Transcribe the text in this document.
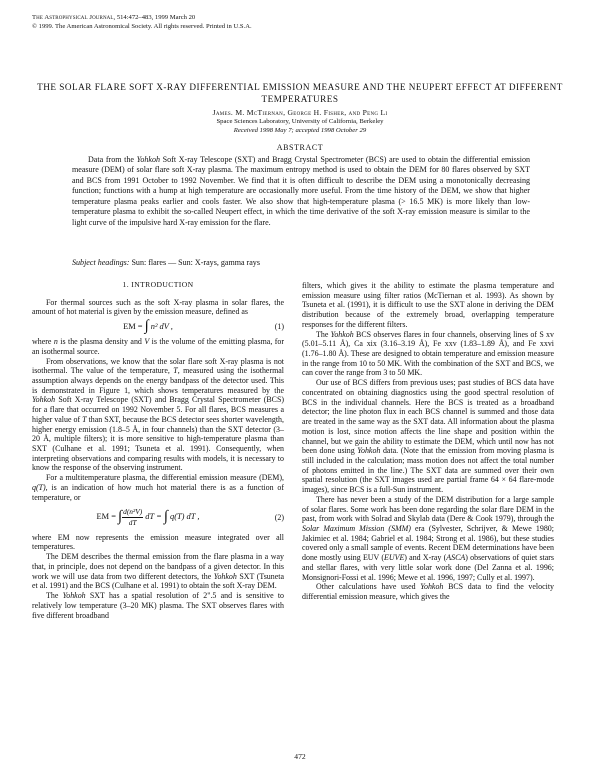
The Astrophysical Journal, 514:472–483, 1999 March 20
© 1999. The American Astronomical Society. All rights reserved. Printed in U.S.A.
THE SOLAR FLARE SOFT X-RAY DIFFERENTIAL EMISSION MEASURE AND THE NEUPERT EFFECT AT DIFFERENT TEMPERATURES
James. M. McTiernan, George H. Fisher, and Peng Li
Space Sciences Laboratory, University of California, Berkeley
Received 1998 May 7; accepted 1998 October 29
ABSTRACT
Data from the Yohkoh Soft X-ray Telescope (SXT) and Bragg Crystal Spectrometer (BCS) are used to obtain the differential emission measure (DEM) of solar flare soft X-ray plasma. The maximum entropy method is used to obtain the DEM for 80 flares observed by SXT and BCS from 1991 October to 1992 November. We find that it is often difficult to describe the DEM using a monotonically decreasing function; functions with a hump at high temperature are occasionally more useful. From the time history of the DEM, we show that higher temperature plasma peaks earlier and cools faster. We also show that high-temperature plasma (> 16.5 MK) is more likely than low-temperature plasma to exhibit the so-called Neupert effect, in which the time derivative of the soft X-ray emission measure is similar to the light curve of the impulsive hard X-ray emission for the flare.
Subject headings: Sun: flares — Sun: X-rays, gamma rays
1. INTRODUCTION

For thermal sources such as the soft X-ray plasma in solar flares, the amount of hot material is given by the emission measure, defined as

EM = ∫ n² dV ,	(1)

where n is the plasma density and V is the volume of the emitting plasma, for an isothermal source.

From observations, we know that the solar flare soft X-ray plasma is not isothermal. The value of the temperature, T, measured using the isothermal assumption always depends on the energy bandpass of the detector used. This is demonstrated in Figure 1, which shows temperatures measured by the Yohkoh Soft X-ray Telescope (SXT) and Bragg Crystal Spectrometer (BCS) for a flare that occurred on 1992 November 5. For all flares, BCS measures a higher value of T than SXT, because the BCS detector sees shorter wavelength, higher energy emission (1.8–5 Å, in four channels) than the SXT detector (3–20 Å, multiple filters); it is more sensitive to high-temperature plasma than SXT (Culhane et al. 1991; Tsuneta et al. 1991). Consequently, when interpreting observations and comparing results with models, it is necessary to know the response of the observing instrument.

For a multitemperature plasma, the differential emission measure (DEM), q(T), is an indication of how much hot material there is as a function of temperature, or

EM = ∫ $\frac{\text{d(n²V)}}{dT}$ dT = ∫ q(T) dT ,	(2)

where EM now represents the emission measure integrated over all temperatures.

The DEM describes the thermal emission from the flare plasma in a way that, in principle, does not depend on the bandpass of a given detector. In this work we will use data from two different detectors, the Yohkoh SXT (Tsuneta et al. 1991) and the BCS (Culhane et al. 1991) to obtain the soft X-ray DEM.

The Yohkoh SXT has a spatial resolution of 2".5 and is sensitive to relatively low temperature (3–20 MK) plasma. The SXT observes flares with five different broadband

filters, which gives it the ability to estimate the plasma temperature and emission measure using filter ratios (McTiernan et al. 1993). As shown by Tsuneta et al. (1991), it is difficult to use the SXT alone in deriving the DEM distribution because of the extremely broad, overlapping temperature responses for the different filters.

The Yohkoh BCS observes flares in four channels, observing lines of S xv (5.01–5.11 Å), Ca xix (3.16–3.19 Å), Fe xxv (1.83–1.89 Å), and Fe xxvi (1.76–1.80 Å). These are designed to obtain temperature and emission measure in the range from 10 to 50 MK. With the combination of the SXT and BCS, we can cover the range from 3 to 50 MK.

Our use of BCS differs from previous uses; past studies of BCS data have concentrated on obtaining diagnostics using the good spectral resolution of BCS in the individual channels. Here the BCS is treated as a broadband detector; the line photon flux in each BCS channel is summed and those data are treated in the same way as the SXT data. All information about the plasma motion is lost, since motion affects the line shape and position within the channel, but we gain the ability to estimate the DEM, which until now has not been done using Yohkoh data. (Note that the emission from moving plasma is still included in the calculation; mass motion does not affect the total number of photons emitted in the line.) The SXT data are summed over their own spatial resolution (the SXT images used are partial frame 64 × 64 flare-mode images), since BCS is a full-Sun instrument.

There has never been a study of the DEM distribution for a large sample of solar flares. Some work has been done regarding the solar flare DEM in the past, from work with Solrad and Skylab data (Dere & Cook 1979), through the Solar Maximum Mission (SMM) era (Sylvester, Schrijver, & Mewe 1980; Jakimiec et al. 1984; Gabriel et al. 1984; Strong et al. 1986), but these studies covered only a small sample of events. Recent DEM determinations have been done mostly using EUV (EUVE) and X-ray (ASCA) observations of quiet stars and stellar flares, with very little solar work done (Del Zanna et al. 1996; Monsignori-Fossi et al. 1996; Mewe et al. 1996, 1997; Cully et al. 1997).

Other calculations have used Yohkoh BCS data to find the velocity differential emission measure, which gives the

472
